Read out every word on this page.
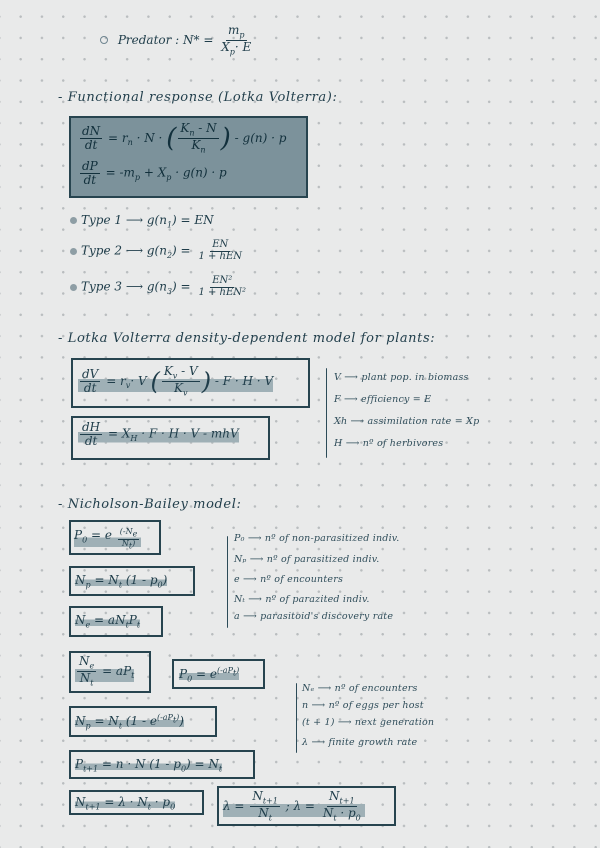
Predator : $N* = \frac{m_p}{X_p\cdot E}$
- Functional response (Lotka Volterra):
$\frac{dN}{dt} = r_n \cdot N$ · ( $\frac{K_n - N}{K_n}$ ) - g(n) · p
$\frac{dP}{dt} = -m_p + X_p \cdot g(n) \cdot p$
Type 1 ⟶ $g(n_1)$ = EN
Type 2 ⟶ $g(n_2) = \frac{EN}{\text{1 + hEN}}$
Type 3 ⟶ $g(n_3) = \frac{\text{EN²}}{\text{1 + hEN²}}$
- Lotka Volterra density-dependent model for plants:
$\frac{dV}{dt} = r_v\cdot V$ ( $\frac{K_v - V}{K_v}$ ) - F · H · V
$\frac{dH}{dt} = X_H \cdot F \cdot H \cdot V$ - mhV
V ⟶ plant pop. in biomass
F ⟶ efficiency = E
Xh ⟶ assimilation rate = Xp
H ⟶ nº of herbivores
- Nicholson-Bailey model:
$P_0 = e \frac{(-N_e}{N_t)}$
$N_p = N_t$ $(1 - p_0)$
$N_e = aN_tP_t$
P₀ ⟶ nº of non-parasitized indiv.
Nₚ ⟶ nº of parasitized indiv.
e ⟶ nº of encounters
Nₜ ⟶ nº of parazited indiv.
a ⟶ parasitoid's discovery rate
$\frac{N_e}{N_t} = aP_t$	$P_0 = e^{(-aP_t)}$
$N_p = N_t$ $(1 - e^{(-aP_t)})$
$P_{t+1} = n \cdot N$ $(1 - p_0) = N_t$
$N_{t+1} = \lambda \cdot N_t \cdot p_0$	$\lambda = \frac{N_{t+1}}{N_t}$ ; $\lambda = \frac{N_{t+1}}{N_t \cdot p_0}$
Nₑ ⟶ nº of encounters
n ⟶ nº of eggs per host
(t + 1) ⟶ next generation
λ ⟶ finite growth rate
